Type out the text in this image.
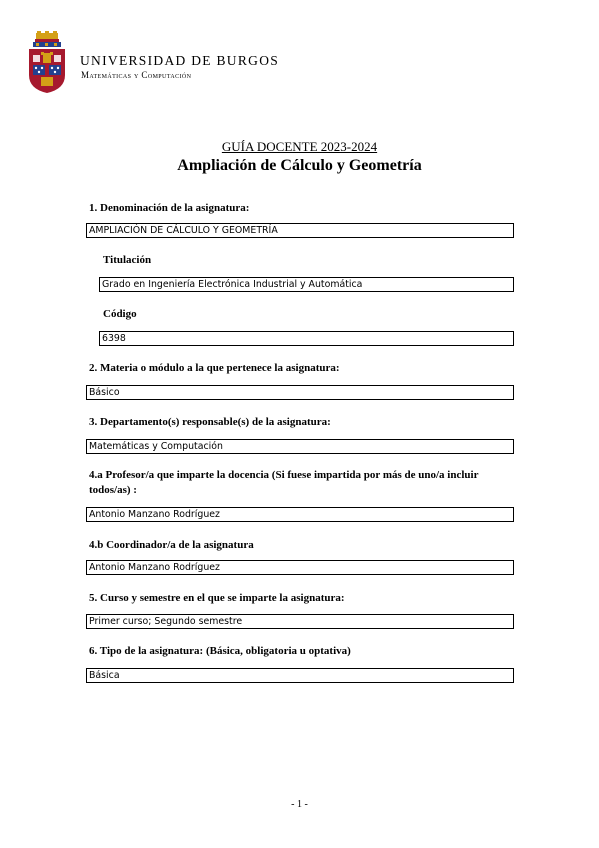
UNIVERSIDAD DE BURGOS
Matemáticas y Computación
GUÍA DOCENTE 2023-2024
Ampliación de Cálculo y Geometría
1. Denominación de la asignatura:
AMPLIACIÓN DE CÁLCULO Y GEOMETRÍA
Titulación
Grado en Ingeniería Electrónica Industrial y Automática
Código
6398
2. Materia o módulo a la que pertenece la asignatura:
Básico
3. Departamento(s) responsable(s) de la asignatura:
Matemáticas y Computación
4.a Profesor/a que imparte la docencia (Si fuese impartida por más de uno/a incluir todos/as) :
Antonio Manzano Rodríguez
4.b Coordinador/a de la asignatura
Antonio Manzano Rodríguez
5. Curso y semestre en el que se imparte la asignatura:
Primer curso; Segundo semestre
6. Tipo de la asignatura: (Básica, obligatoria u optativa)
Básica
- 1 -
